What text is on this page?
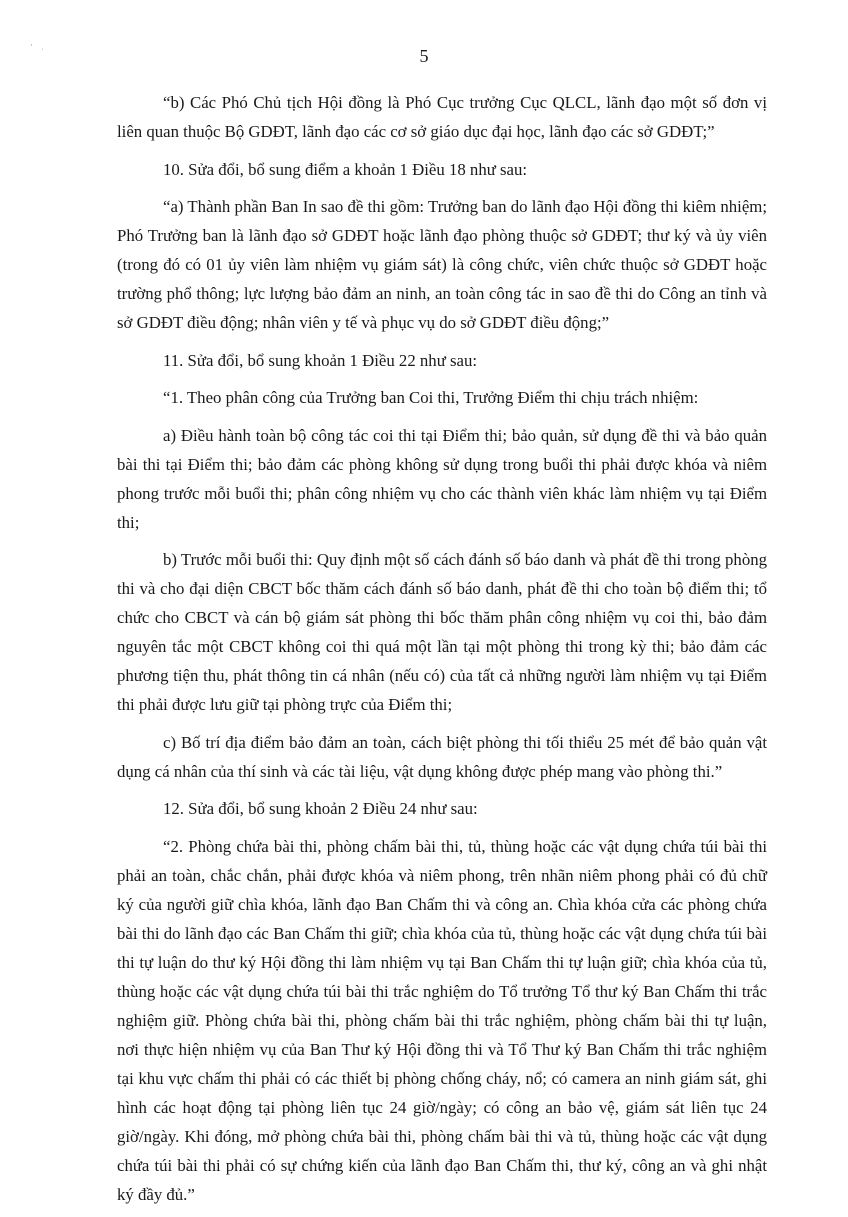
· ˌ
5

“b) Các Phó Chủ tịch Hội đồng là Phó Cục trưởng Cục QLCL, lãnh đạo một số đơn vị liên quan thuộc Bộ GDĐT, lãnh đạo các cơ sở giáo dục đại học, lãnh đạo các sở GDĐT;”

10. Sửa đổi, bổ sung điểm a khoản 1 Điều 18 như sau:

“a) Thành phần Ban In sao đề thi gồm: Trưởng ban do lãnh đạo Hội đồng thi kiêm nhiệm; Phó Trưởng ban là lãnh đạo sở GDĐT hoặc lãnh đạo phòng thuộc sở GDĐT; thư ký và ủy viên (trong đó có 01 ủy viên làm nhiệm vụ giám sát) là công chức, viên chức thuộc sở GDĐT hoặc trường phổ thông; lực lượng bảo đảm an ninh, an toàn công tác in sao đề thi do Công an tỉnh và sở GDĐT điều động; nhân viên y tế và phục vụ do sở GDĐT điều động;”

11. Sửa đổi, bổ sung khoản 1 Điều 22 như sau:

“1. Theo phân công của Trưởng ban Coi thi, Trưởng Điểm thi chịu trách nhiệm:

a) Điều hành toàn bộ công tác coi thi tại Điểm thi; bảo quản, sử dụng đề thi và bảo quản bài thi tại Điểm thi; bảo đảm các phòng không sử dụng trong buổi thi phải được khóa và niêm phong trước mỗi buổi thi; phân công nhiệm vụ cho các thành viên khác làm nhiệm vụ tại Điểm thi;

b) Trước mỗi buổi thi: Quy định một số cách đánh số báo danh và phát đề thi trong phòng thi và cho đại diện CBCT bốc thăm cách đánh số báo danh, phát đề thi cho toàn bộ điểm thi; tổ chức cho CBCT và cán bộ giám sát phòng thi bốc thăm phân công nhiệm vụ coi thi, bảo đảm nguyên tắc một CBCT không coi thi quá một lần tại một phòng thi trong kỳ thi; bảo đảm các phương tiện thu, phát thông tin cá nhân (nếu có) của tất cả những người làm nhiệm vụ tại Điểm thi phải được lưu giữ tại phòng trực của Điểm thi;

c) Bố trí địa điểm bảo đảm an toàn, cách biệt phòng thi tối thiểu 25 mét để bảo quản vật dụng cá nhân của thí sinh và các tài liệu, vật dụng không được phép mang vào phòng thi.”

12. Sửa đổi, bổ sung khoản 2 Điều 24 như sau:

“2. Phòng chứa bài thi, phòng chấm bài thi, tủ, thùng hoặc các vật dụng chứa túi bài thi phải an toàn, chắc chắn, phải được khóa và niêm phong, trên nhãn niêm phong phải có đủ chữ ký của người giữ chìa khóa, lãnh đạo Ban Chấm thi và công an. Chìa khóa cửa các phòng chứa bài thi do lãnh đạo các Ban Chấm thi giữ; chìa khóa của tủ, thùng hoặc các vật dụng chứa túi bài thi tự luận do thư ký Hội đồng thi làm nhiệm vụ tại Ban Chấm thi tự luận giữ; chìa khóa của tủ, thùng hoặc các vật dụng chứa túi bài thi trắc nghiệm do Tổ trưởng Tổ thư ký Ban Chấm thi trắc nghiệm giữ. Phòng chứa bài thi, phòng chấm bài thi trắc nghiệm, phòng chấm bài thi tự luận, nơi thực hiện nhiệm vụ của Ban Thư ký Hội đồng thi và Tổ Thư ký Ban Chấm thi trắc nghiệm tại khu vực chấm thi phải có các thiết bị phòng chống cháy, nổ; có camera an ninh giám sát, ghi hình các hoạt động tại phòng liên tục 24 giờ/ngày; có công an bảo vệ, giám sát liên tục 24 giờ/ngày. Khi đóng, mở phòng chứa bài thi, phòng chấm bài thi và tủ, thùng hoặc các vật dụng chứa túi bài thi phải có sự chứng kiến của lãnh đạo Ban Chấm thi, thư ký, công an và ghi nhật ký đầy đủ.”
